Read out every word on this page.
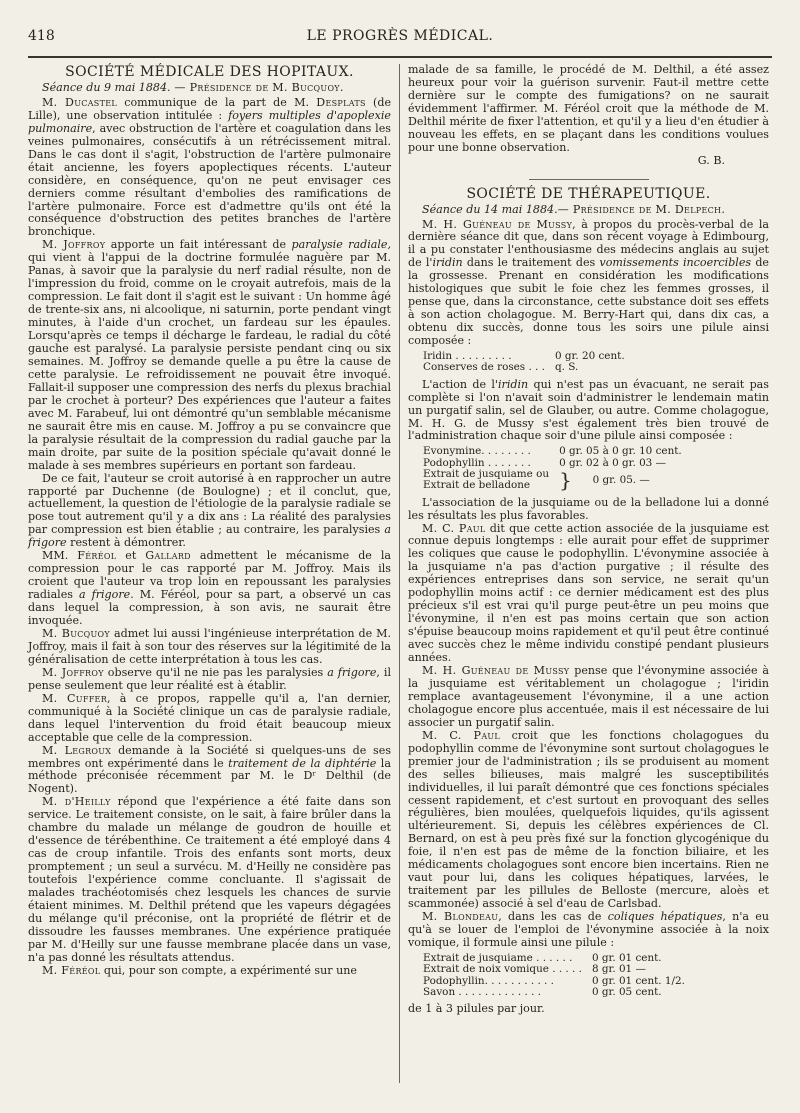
418	LE PROGRÈS MÉDICAL.
SOCIÉTÉ MÉDICALE DES HOPITAUX.

Séance du 9 mai 1884. — Présidence de M. Bucquoy.

M. Ducastel communique de la part de M. Desplats (de Lille), une observation intitulée : foyers multiples d'apoplexie pulmonaire, avec obstruction de l'artère et coagulation dans les veines pulmonaires, consécutifs à un rétrécissement mitral. Dans le cas dont il s'agit, l'obstruction de l'artère pulmonaire était ancienne, les foyers apoplectiques récents. L'auteur considère, en conséquence, qu'on ne peut envisager ces derniers comme résultant d'embolies des ramifications de l'artère pulmonaire. Force est d'admettre qu'ils ont été la conséquence d'obstruction des petites branches de l'artère bronchique.

M. Joffroy apporte un fait intéressant de paralysie radiale, qui vient à l'appui de la doctrine formulée naguère par M. Panas, à savoir que la paralysie du nerf radial résulte, non de l'impression du froid, comme on le croyait autrefois, mais de la compression. Le fait dont il s'agit est le suivant : Un homme âgé de trente-six ans, ni alcoolique, ni saturnin, porte pendant vingt minutes, à l'aide d'un crochet, un fardeau sur les épaules. Lorsqu'après ce temps il décharge le fardeau, le radial du côté gauche est paralysé. La paralysie persiste pendant cinq ou six semaines. M. Joffroy se demande quelle a pu être la cause de cette paralysie. Le refroidissement ne pouvait être invoqué. Fallait-il supposer une compression des nerfs du plexus brachial par le crochet à porteur? Des expériences que l'auteur a faites avec M. Farabeuf, lui ont démontré qu'un semblable mécanisme ne saurait être mis en cause. M. Joffroy a pu se convaincre que la paralysie résultait de la compression du radial gauche par la main droite, par suite de la position spéciale qu'avait donné le malade à ses membres supérieurs en portant son fardeau.

De ce fait, l'auteur se croit autorisé à en rapprocher un autre rapporté par Duchenne (de Boulogne) ; et il conclut, que, actuellement, la question de l'étiologie de la paralysie radiale se pose tout autrement qu'il y a dix ans : La réalité des paralysies par compression est bien établie ; au contraire, les paralysies a frigore restent à démontrer.

MM. Féréol et Gallard admettent le mécanisme de la compression pour le cas rapporté par M. Joffroy. Mais ils croient que l'auteur va trop loin en repoussant les paralysies radiales a frigore. M. Féréol, pour sa part, a observé un cas dans lequel la compression, à son avis, ne saurait être invoquée.

M. Bucquoy admet lui aussi l'ingénieuse interprétation de M. Joffroy, mais il fait à son tour des réserves sur la légitimité de la généralisation de cette interprétation à tous les cas.

M. Joffroy observe qu'il ne nie pas les paralysies a frigore, il pense seulement que leur réalité est à établir.

M. Cuffer, à ce propos, rappelle qu'il a, l'an dernier, communiqué à la Société clinique un cas de paralysie radiale, dans lequel l'intervention du froid était beaucoup mieux acceptable que celle de la compression.

M. Legroux demande à la Société si quelques-uns de ses membres ont expérimenté dans le traitement de la diphtérie la méthode préconisée récemment par M. le Dʳ Delthil (de Nogent).

M. d'Heilly répond que l'expérience a été faite dans son service. Le traitement consiste, on le sait, à faire brûler dans la chambre du malade un mélange de goudron de houille et d'essence de térébenthine. Ce traitement a été employé dans 4 cas de croup infantile. Trois des enfants sont morts, deux promptement ; un seul a survécu. M. d'Heilly ne considère pas toutefois l'expérience comme concluante. Il s'agissait de malades trachéotomisés chez lesquels les chances de survie étaient minimes. M. Delthil prétend que les vapeurs dégagées du mélange qu'il préconise, ont la propriété de flétrir et de dissoudre les fausses membranes. Une expérience pratiquée par M. d'Heilly sur une fausse membrane placée dans un vase, n'a pas donné les résultats attendus.

M. Féréol qui, pour son compte, a expérimenté sur une

malade de sa famille, le procédé de M. Delthil, a été assez heureux pour voir la guérison survenir. Faut-il mettre cette dernière sur le compte des fumigations? on ne saurait évidemment l'affirmer. M. Féréol croit que la méthode de M. Delthil mérite de fixer l'attention, et qu'il y a lieu d'en étudier à nouveau les effets, en se plaçant dans les conditions voulues pour une bonne observation.

G. B.
SOCIÉTÉ DE THÉRAPEUTIQUE.

Séance du 14 mai 1884.— Présidence de M. Delpech.

M. H. Guéneau de Mussy, à propos du procès-verbal de la dernière séance dit que, dans son récent voyage à Edimbourg, il a pu constater l'enthousiasme des médecins anglais au sujet de l'iridin dans le traitement des vomissements incoercibles de la grossesse. Prenant en considération les modifications histologiques que subit le foie chez les femmes grosses, il pense que, dans la circonstance, cette substance doit ses effets à son action cholagogue. M. Berry-Hart qui, dans dix cas, a obtenu dix succès, donne tous les soirs une pilule ainsi composée :

Iridin . . . . . . . . .	0 gr. 20 cent.
Conserves de roses . . .	q. S.

L'action de l'iridin qui n'est pas un évacuant, ne serait pas complète si l'on n'avait soin d'administrer le lendemain matin un purgatif salin, sel de Glauber, ou autre. Comme cholagogue, M. H. G. de Mussy s'est également très bien trouvé de l'administration chaque soir d'une pilule ainsi composée :

Evonymine. . . . . . . .	0 gr. 05 à 0 gr. 10 cent.	
Podophyllin . . . . . . .	0 gr. 02 à 0 gr. 03 —	
Extrait de jusquiame ou
Extrait de belladone	}	0 gr. 05. —

L'association de la jusquiame ou de la belladone lui a donné les résultats les plus favorables.

M. C. Paul dit que cette action associée de la jusquiame est connue depuis longtemps : elle aurait pour effet de supprimer les coliques que cause le podophyllin. L'évonymine associée à la jusquiame n'a pas d'action purgative ; il résulte des expériences entreprises dans son service, ne serait qu'un podophyllin moins actif : ce dernier médicament est des plus précieux s'il est vrai qu'il purge peut-être un peu moins que l'évonymine, il n'en est pas moins certain que son action s'épuise beaucoup moins rapidement et qu'il peut être continué avec succès chez le même individu constipé pendant plusieurs années.

M. H. Guéneau de Mussy pense que l'évonymine associée à la jusquiame est véritablement un cholagogue ; l'iridin remplace avantageusement l'évonymine, il a une action cholagogue encore plus accentuée, mais il est nécessaire de lui associer un purgatif salin.

M. C. Paul croit que les fonctions cholagogues du podophyllin comme de l'évonymine sont surtout cholagogues le premier jour de l'administration ; ils se produisent au moment des selles bilieuses, mais malgré les susceptibilités individuelles, il lui paraît démontré que ces fonctions spéciales cessent rapidement, et c'est surtout en provoquant des selles régulières, bien moulées, quelquefois liquides, qu'ils agissent ultérieurement. Si, depuis les célèbres expériences de Cl. Bernard, on est à peu près fixé sur la fonction glycogénique du foie, il n'en est pas de même de la fonction biliaire, et les médicaments cholagogues sont encore bien incertains. Rien ne vaut pour lui, dans les coliques hépatiques, larvées, le traitement par les pillules de Belloste (mercure, aloès et scammonée) associé à sel d'eau de Carlsbad.

M. Blondeau, dans les cas de coliques hépatiques, n'a eu qu'à se louer de l'emploi de l'évonymine associée à la noix vomique, il formule ainsi une pilule :

Extrait de jusquiame . . . . . .	0 gr. 01 cent.
Extrait de noix vomique . . . . .	8 gr. 01 —
Podophyllin. . . . . . . . . . .	0 gr. 01 cent. 1/2.
Savon . . . . . . . . . . . . .	0 gr. 05 cent.

de 1 à 3 pilules par jour.
